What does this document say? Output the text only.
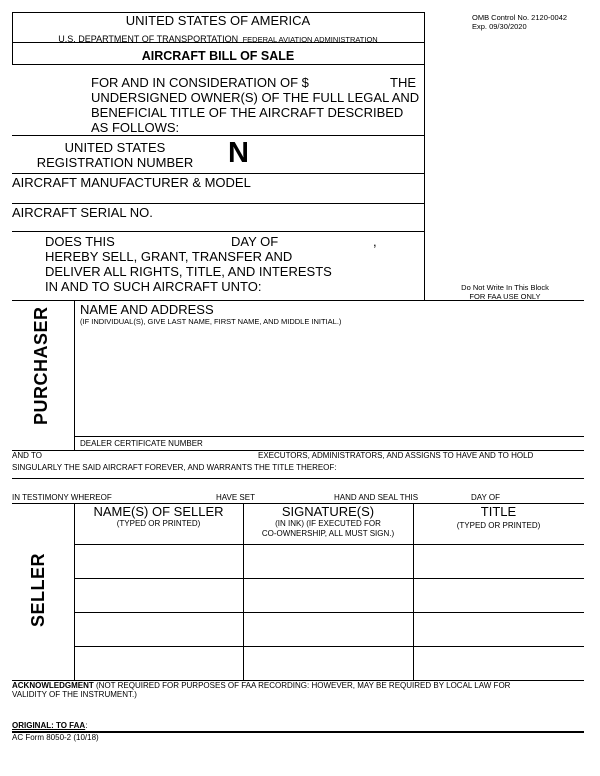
UNITED STATES OF AMERICA
U.S. DEPARTMENT OF TRANSPORTATION FEDERAL AVIATION ADMINISTRATION
OMB Control No. 2120-0042
Exp. 09/30/2020
AIRCRAFT BILL OF SALE
FOR AND IN CONSIDERATION OF $	THE
UNDERSIGNED OWNER(S) OF THE FULL LEGAL AND
BENEFICIAL TITLE OF THE AIRCRAFT DESCRIBED
AS FOLLOWS:
UNITED STATES
REGISTRATION NUMBER N
AIRCRAFT MANUFACTURER & MODEL
AIRCRAFT SERIAL NO.
DOES THIS	DAY OF	,
HEREBY SELL, GRANT, TRANSFER AND
DELIVER ALL RIGHTS, TITLE, AND INTERESTS
IN AND TO SUCH AIRCRAFT UNTO:	Do Not Write In This Block
FOR FAA USE ONLY
PURCHASER NAME AND ADDRESS
(IF INDIVIDUAL(S), GIVE LAST NAME, FIRST NAME, AND MIDDLE INITIAL.)
DEALER CERTIFICATE NUMBER
AND TO	EXECUTORS, ADMINISTRATORS, AND ASSIGNS TO HAVE AND TO HOLD
SINGULARLY THE SAID AIRCRAFT FOREVER, AND WARRANTS THE TITLE THEREOF:
IN TESTIMONY WHEREOF	HAVE SET	HAND AND SEAL THIS	DAY OF
SELLER
NAME(S) OF SELLER
(TYPED OR PRINTED)
SIGNATURE(S)
(IN INK) (IF EXECUTED FOR
CO-OWNERSHIP, ALL MUST SIGN.)
TITLE
(TYPED OR PRINTED)
ACKNOWLEDGMENT (NOT REQUIRED FOR PURPOSES OF FAA RECORDING: HOWEVER, MAY BE REQUIRED BY LOCAL LAW FOR
VALIDITY OF THE INSTRUMENT.)
ORIGINAL: TO FAA:
AC Form 8050-2 (10/18)
